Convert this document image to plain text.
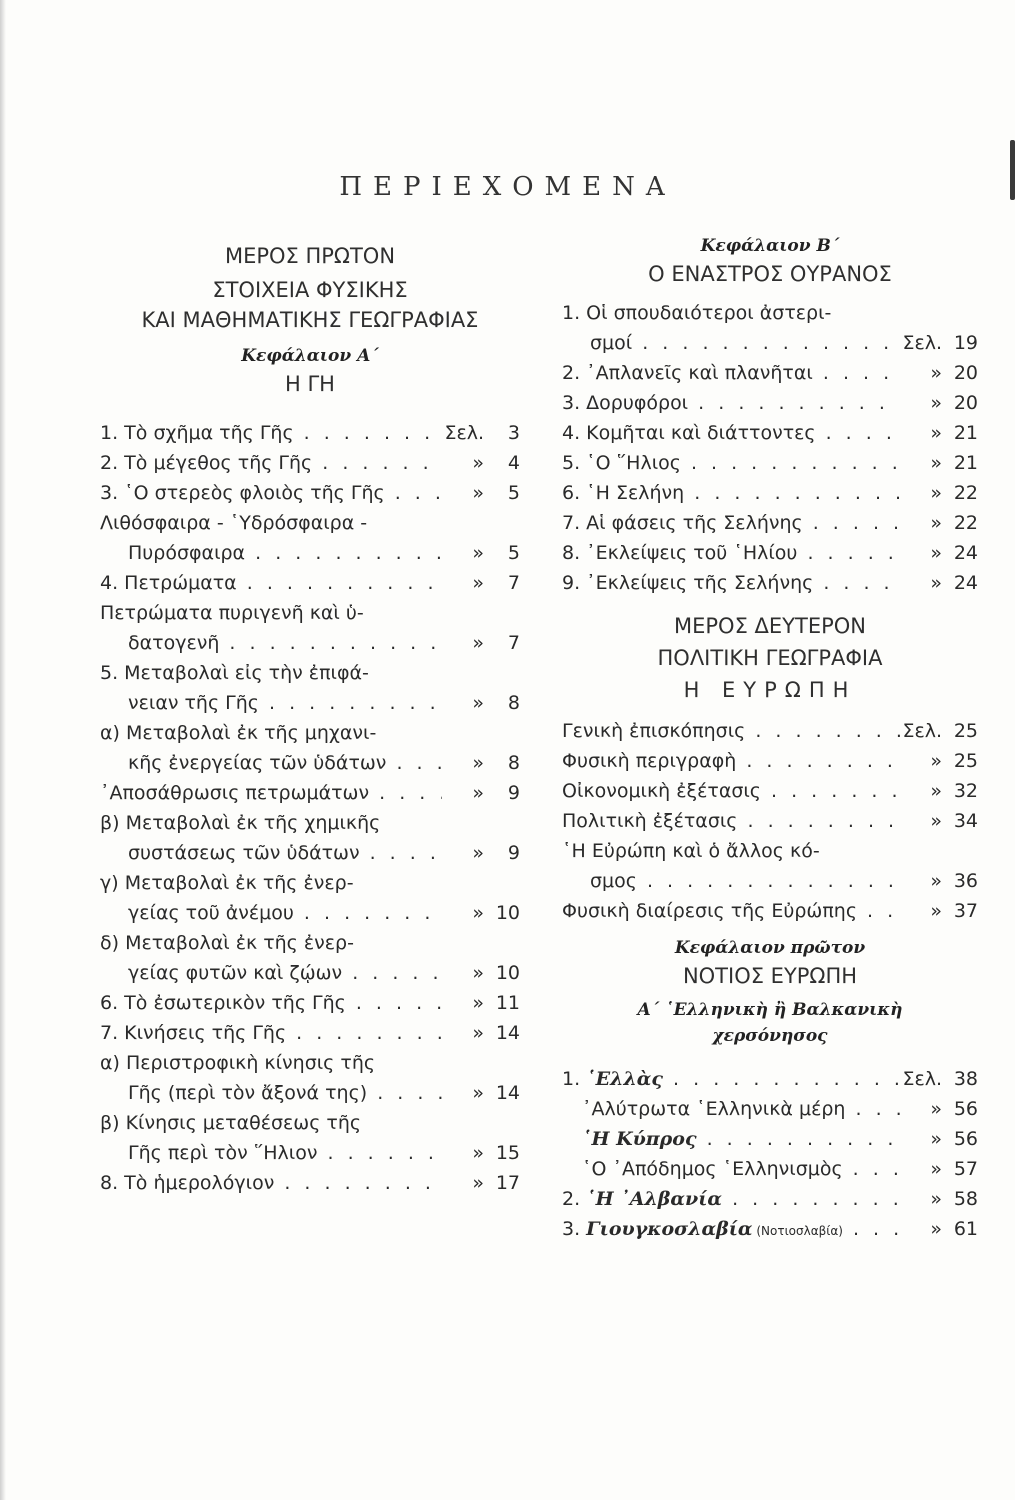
ΠΕΡΙΕΧΟΜΕΝΑ

ΜΕΡΟΣ ΠΡΩΤΟΝ

ΣΤΟΙΧΕΙΑ ΦΥΣΙΚΗΣ

ΚΑΙ ΜΑΘΗΜΑΤΙΚΗΣ ΓΕΩΓΡΑΦΙΑΣ

Κεφάλαιον Α΄

Η ΓΗ

1. Τὸ σχῆμα τῆς Γῆς . . .	Σελ.	3
2. Τὸ μέγεθος τῆς Γῆς . . .	»	4
3. ῾Ο στερεὸς φλοιὸς τῆς Γῆς . . .	»	5
Λιθόσφαιρα - ῾Υδρόσφαιρα -
Πυρόσφαιρα . . .	»	5
4. Πετρώματα . . .	»	7
Πετρώματα πυριγενῆ καὶ ὑ-
δατογενῆ . . .	»	7
5. Μεταβολαὶ εἰς τὴν ἐπιφά-
νειαν τῆς Γῆς . . .	»	8
α) Μεταβολαὶ ἐκ τῆς μηχανι-
κῆς ἐνεργείας τῶν ὑδάτων . . .	»	8
᾿Αποσάθρωσις πετρωμάτων . . .	»	9
β) Μεταβολαὶ ἐκ τῆς χημικῆς
συστάσεως τῶν ὑδάτων . . .	»	9
γ) Μεταβολαὶ ἐκ τῆς ἐνερ-
γείας τοῦ ἀνέμου . . .	» 10
δ) Μεταβολαὶ ἐκ τῆς ἐνερ-
γείας φυτῶν καὶ ζῴων . . .	» 10
6. Τὸ ἐσωτερικὸν τῆς Γῆς . . .	» 11
7. Κινήσεις τῆς Γῆς . . .	» 14
α) Περιστροφικὴ κίνησις τῆς
Γῆς (περὶ τὸν ἄξονά της) . . .	» 14
β) Κίνησις μεταθέσεως τῆς
Γῆς περὶ τὸν ῞Ηλιον . . .	» 15
8. Τὸ ἡμερολόγιον . . .	» 17

Κεφάλαιον Β΄

Ο ΕΝΑΣΤΡΟΣ ΟΥΡΑΝΟΣ

1. Οἱ σπουδαιότεροι ἀστερι-
σμοί . . .	Σελ. 19
2. ᾿Απλανεῖς καὶ πλανῆται . . .	» 20
3. Δορυφόροι . . .	» 20
4. Κομῆται καὶ διάττοντες . . .	» 21
5. ῾Ο ῞Ηλιος . . .	» 21
6. ῾Η Σελήνη . . .	» 22
7. Αἱ φάσεις τῆς Σελήνης . . .	» 22
8. ᾿Εκλείψεις τοῦ ῾Ηλίου . . .	» 24
9. ᾿Εκλείψεις τῆς Σελήνης . . .	» 24

ΜΕΡΟΣ ΔΕΥΤΕΡΟΝ

ΠΟΛΙΤΙΚΗ ΓΕΩΓΡΑΦΙΑ

Η ΕΥΡΩΠΗ

Γενικὴ ἐπισκόπησις . . .	Σελ. 25
Φυσικὴ περιγραφὴ . . .	» 25
Οἰκονομικὴ ἐξέτασις . . .	» 32
Πολιτικὴ ἐξέτασις . . .	» 34
῾Η Εὐρώπη καὶ ὁ ἄλλος κό-
σμος . . .	» 36
Φυσικὴ διαίρεσις τῆς Εὐρώπης . . .	» 37

Κεφάλαιον πρῶτον

ΝΟΤΙΟΣ ΕΥΡΩΠΗ

Α΄ ῾Ελληνικὴ ἢ Βαλκανικὴ

χερσόνησος

1. ῾Ελλὰς . . .	Σελ. 38
᾿Αλύτρωτα ῾Ελληνικὰ μέρη . . .	» 56
῾Η Κύπρος . . .	» 56
῾Ο ᾿Απόδημος ῾Ελληνισμὸς . . .	» 57
2. ῾Η ᾿Αλβανία . . .	» 58
3. Γιουγκοσλαβία (Νοτιοσλαβία) . . .	» 61
